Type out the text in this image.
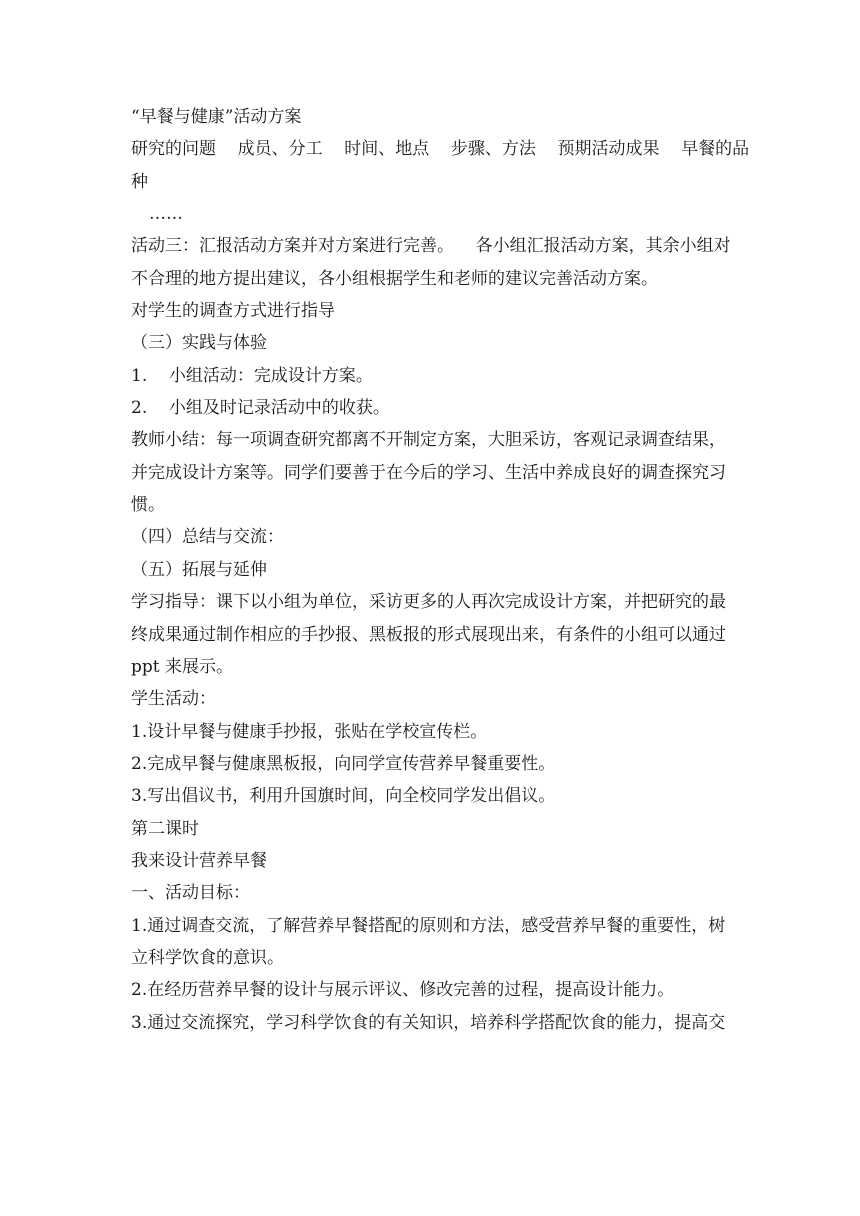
“早餐与健康”活动方案
研究的问题    成员、分工    时间、地点    步骤、方法    预期活动成果    早餐的品
种
……
活动三：汇报活动方案并对方案进行完善。    各小组汇报活动方案，其余小组对
不合理的地方提出建议，各小组根据学生和老师的建议完善活动方案。
对学生的调查方式进行指导
（三）实践与体验
1.    小组活动：完成设计方案。
2.    小组及时记录活动中的收获。
教师小结：每一项调查研究都离不开制定方案，大胆采访，客观记录调查结果，
并完成设计方案等。同学们要善于在今后的学习、生活中养成良好的调查探究习
惯。
（四）总结与交流：
（五）拓展与延伸
学习指导：课下以小组为单位，采访更多的人再次完成设计方案，并把研究的最
终成果通过制作相应的手抄报、黑板报的形式展现出来，有条件的小组可以通过
ppt 来展示。
学生活动：
1.设计早餐与健康手抄报，张贴在学校宣传栏。
2.完成早餐与健康黑板报，向同学宣传营养早餐重要性。
3.写出倡议书，利用升国旗时间，向全校同学发出倡议。
第二课时
我来设计营养早餐
一、活动目标：
1.通过调查交流，了解营养早餐搭配的原则和方法，感受营养早餐的重要性，树
立科学饮食的意识。
2.在经历营养早餐的设计与展示评议、修改完善的过程，提高设计能力。
3.通过交流探究，学习科学饮食的有关知识，培养科学搭配饮食的能力，提高交
